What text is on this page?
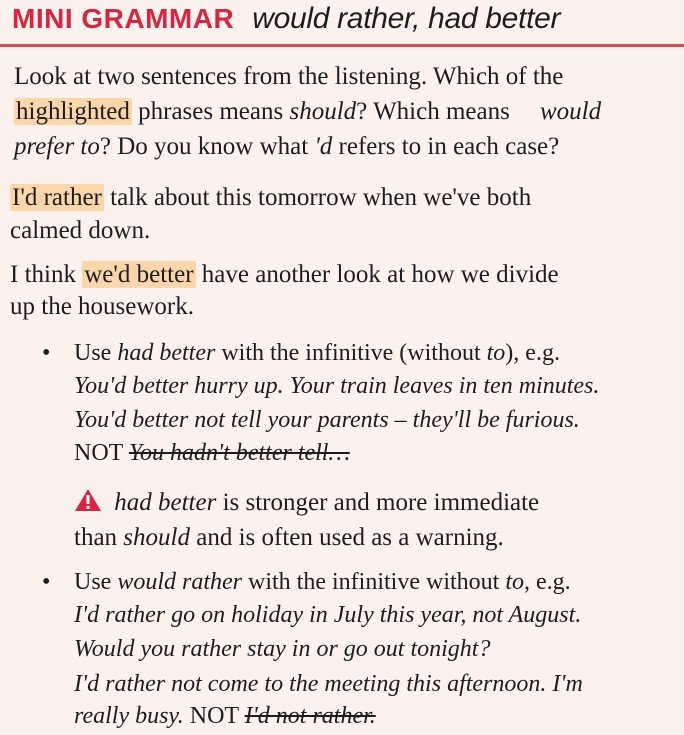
MINI GRAMMAR would rather, had better
Look at two sentences from the listening. Which of the
highlighted phrases means should? Which means would
prefer to? Do you know what 'd refers to in each case?
I'd rather talk about this tomorrow when we've both
calmed down.
I think we'd better have another look at how we divide
up the housework.
• Use had better with the infinitive (without to), e.g.
You'd better hurry up. Your train leaves in ten minutes.
You'd better not tell your parents – they'll be furious.
NOT You hadn't better tell…
had better is stronger and more immediate
than should and is often used as a warning.
• Use would rather with the infinitive without to, e.g.
I'd rather go on holiday in July this year, not August.
Would you rather stay in or go out tonight?
I'd rather not come to the meeting this afternoon. I'm
really busy. NOT I'd not rather.
